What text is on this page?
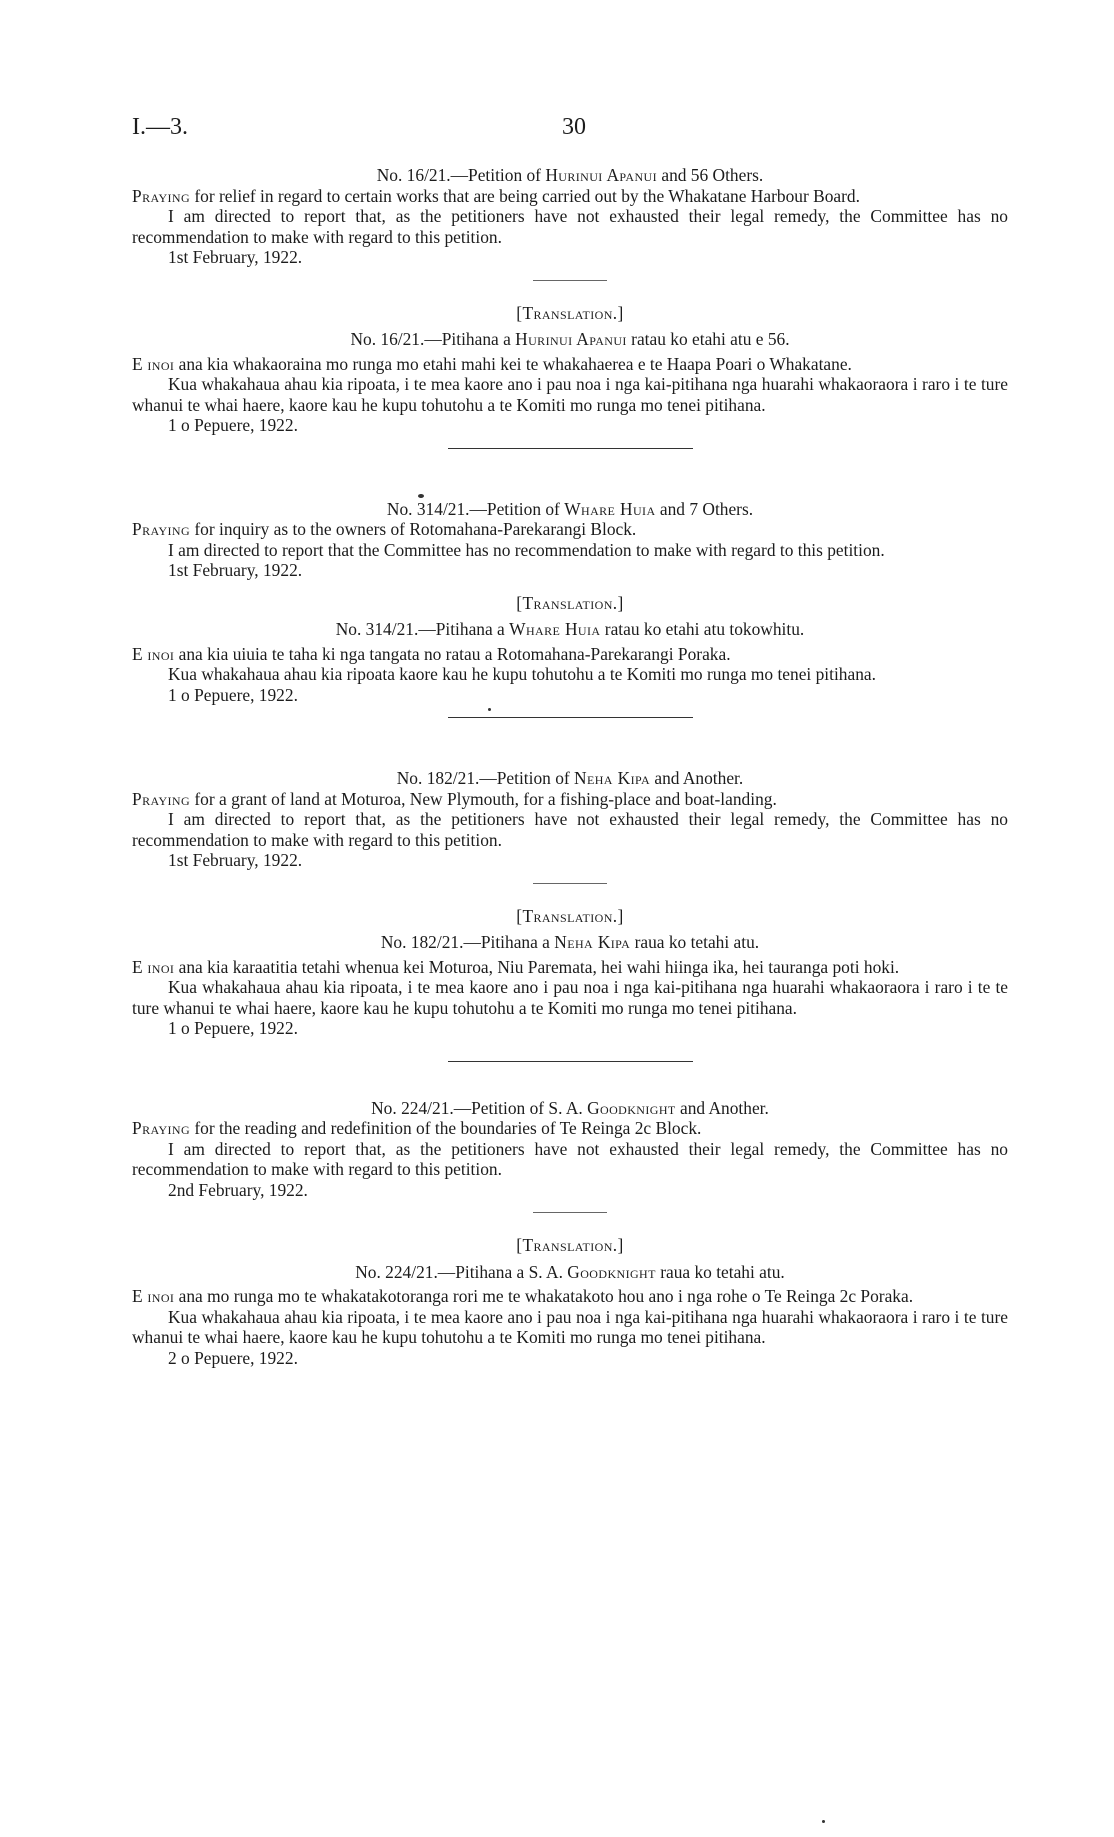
I.—3.	30

No. 16/21.—Petition of Hurinui Apanui and 56 Others.

Praying for relief in regard to certain works that are being carried out by the Whakatane Harbour Board.

I am directed to report that, as the petitioners have not exhausted their legal remedy, the Committee has no recommendation to make with regard to this petition.

1st February, 1922.

[Translation.]

No. 16/21.—Pitihana a Hurinui Apanui ratau ko etahi atu e 56.

E inoi ana kia whakaoraina mo runga mo etahi mahi kei te whakahaerea e te Haapa Poari o Whakatane.

Kua whakahaua ahau kia ripoata, i te mea kaore ano i pau noa i nga kai-pitihana nga huarahi whakaoraora i raro i te ture whanui te whai haere, kaore kau he kupu tohutohu a te Komiti mo runga mo tenei pitihana.

1 o Pepuere, 1922.

No. 314/21.—Petition of Whare Huia and 7 Others.

Praying for inquiry as to the owners of Rotomahana-Parekarangi Block.

I am directed to report that the Committee has no recommendation to make with regard to this petition.

1st February, 1922.

[Translation.]

No. 314/21.—Pitihana a Whare Huia ratau ko etahi atu tokowhitu.

E inoi ana kia uiuia te taha ki nga tangata no ratau a Rotomahana-Parekarangi Poraka.

Kua whakahaua ahau kia ripoata kaore kau he kupu tohutohu a te Komiti mo runga mo tenei pitihana.

1 o Pepuere, 1922.

No. 182/21.—Petition of Neha Kipa and Another.

Praying for a grant of land at Moturoa, New Plymouth, for a fishing-place and boat-landing.

I am directed to report that, as the petitioners have not exhausted their legal remedy, the Committee has no recommendation to make with regard to this petition.

1st February, 1922.

[Translation.]

No. 182/21.—Pitihana a Neha Kipa raua ko tetahi atu.

E inoi ana kia karaatitia tetahi whenua kei Moturoa, Niu Paremata, hei wahi hiinga ika, hei tauranga poti hoki.

Kua whakahaua ahau kia ripoata, i te mea kaore ano i pau noa i nga kai-pitihana nga huarahi whakaoraora i raro i te te ture whanui te whai haere, kaore kau he kupu tohutohu a te Komiti mo runga mo tenei pitihana.

1 o Pepuere, 1922.

No. 224/21.—Petition of S. A. Goodknight and Another.

Praying for the reading and redefinition of the boundaries of Te Reinga 2c Block.

I am directed to report that, as the petitioners have not exhausted their legal remedy, the Committee has no recommendation to make with regard to this petition.

2nd February, 1922.

[Translation.]

No. 224/21.—Pitihana a S. A. Goodknight raua ko tetahi atu.

E inoi ana mo runga mo te whakatakotoranga rori me te whakatakoto hou ano i nga rohe o Te Reinga 2c Poraka.

Kua whakahaua ahau kia ripoata, i te mea kaore ano i pau noa i nga kai-pitihana nga huarahi whakaoraora i raro i te ture whanui te whai haere, kaore kau he kupu tohutohu a te Komiti mo runga mo tenei pitihana.

2 o Pepuere, 1922.
